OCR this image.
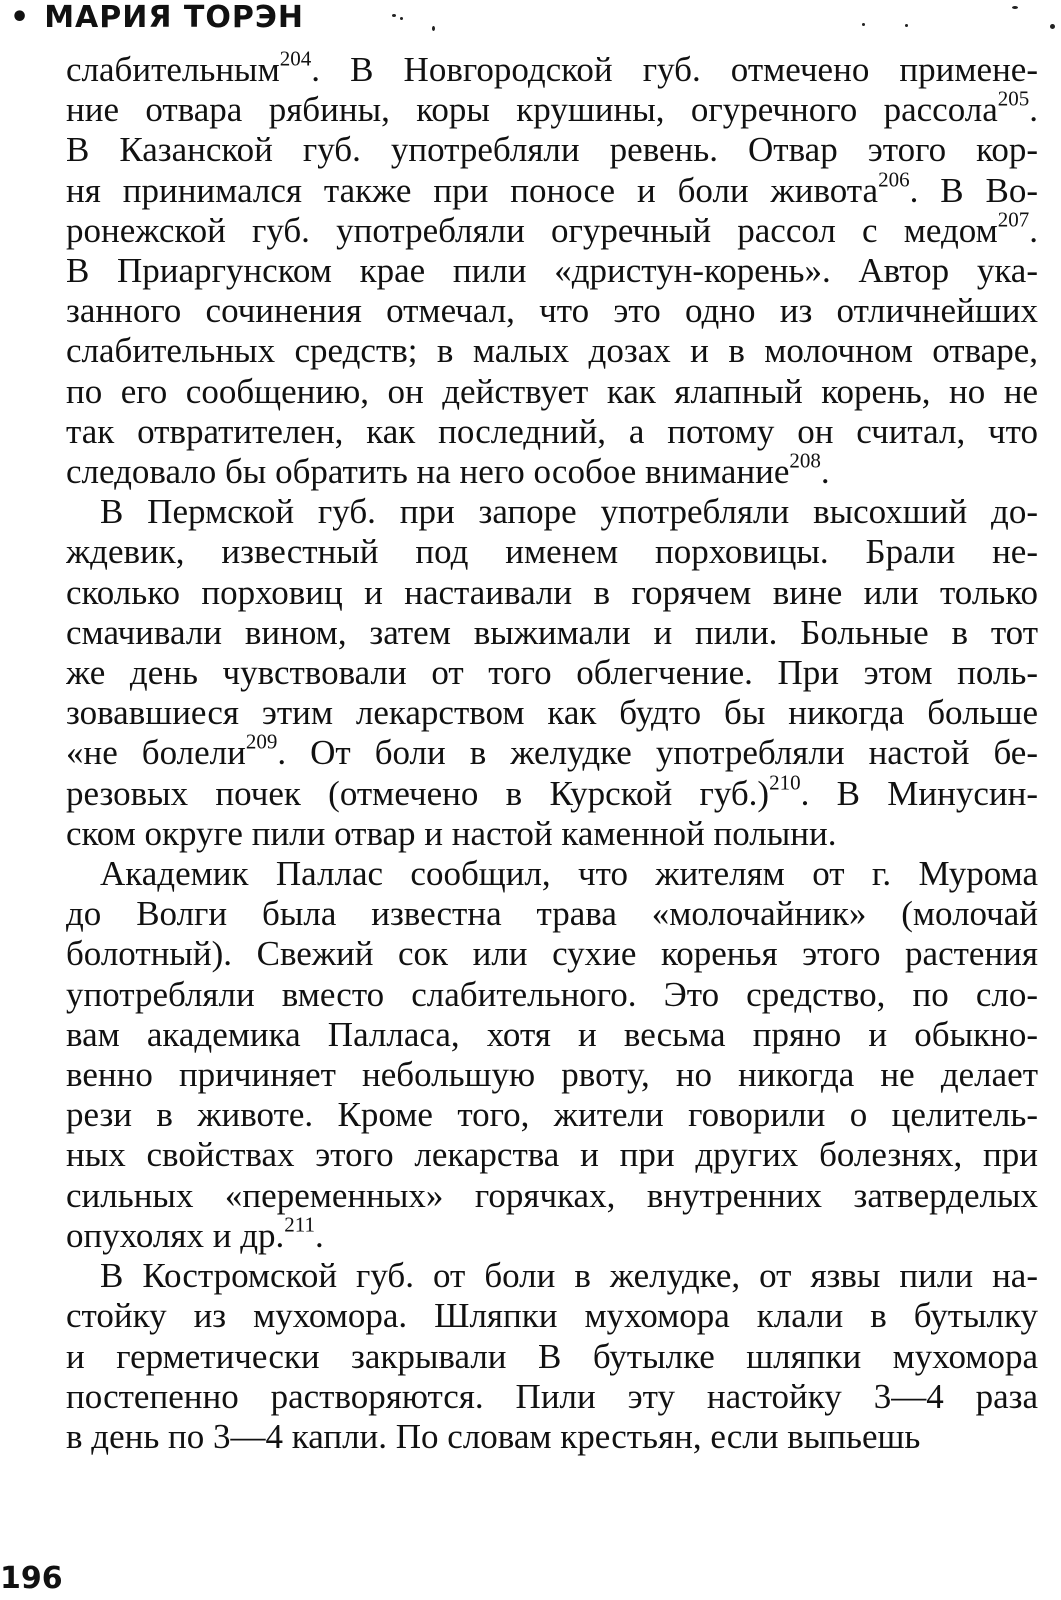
• МАРИЯ ТОРЭН
слабительным$^{204}$. В Новгородской губ. отмечено примене-
ние отвара рябины, коры крушины, огуречного рассола$^{205}$.
В Казанской губ. употребляли ревень. Отвар этого кор-
ня принимался также при поносе и боли живота$^{206}$. В Во-
ронежской губ. употребляли огуречный рассол с медом$^{207}$.
В Приаргунском крае пили «дристун-корень». Автор ука-
занного сочинения отмечал, что это одно из отличнейших
слабительных средств; в малых дозах и в молочном отваре,
по его сообщению, он действует как ялапный корень, но не
так отвратителен, как последний, а потому он считал, что
следовало бы обратить на него особое внимание$^{208}$.
В Пермской губ. при запоре употребляли высохший до-
ждевик, известный под именем порховицы. Брали не-
сколько порховиц и настаивали в горячем вине или только
смачивали вином, затем выжимали и пили. Больные в тот
же день чувствовали от того облегчение. При этом поль-
зовавшиеся этим лекарством как будто бы никогда больше
«не болели$^{209}$. От боли в желудке употребляли настой бе-
резовых почек (отмечено в Курской губ.)$^{210}$. В Минусин-
ском округе пили отвар и настой каменной полыни.
Академик Паллас сообщил, что жителям от г. Мурома
до Волги была известна трава «молочайник» (молочай
болотный). Свежий сок или сухие коренья этого растения
употребляли вместо слабительного. Это средство, по сло-
вам академика Палласа, хотя и весьма пряно и обыкно-
венно причиняет небольшую рвоту, но никогда не делает
рези в животе. Кроме того, жители говорили о целитель-
ных свойствах этого лекарства и при других болезнях, при
сильных «переменных» горячках, внутренних затверделых
опухолях и др.$^{211}$.
В Костромской губ. от боли в желудке, от язвы пили на-
стойку из мухомора. Шляпки мухомора клали в бутылку
и герметически закрывали В бутылке шляпки мухомора
постепенно растворяются. Пили эту настойку 3—4 раза
в день по 3—4 капли. По словам крестьян, если выпьешь
196
